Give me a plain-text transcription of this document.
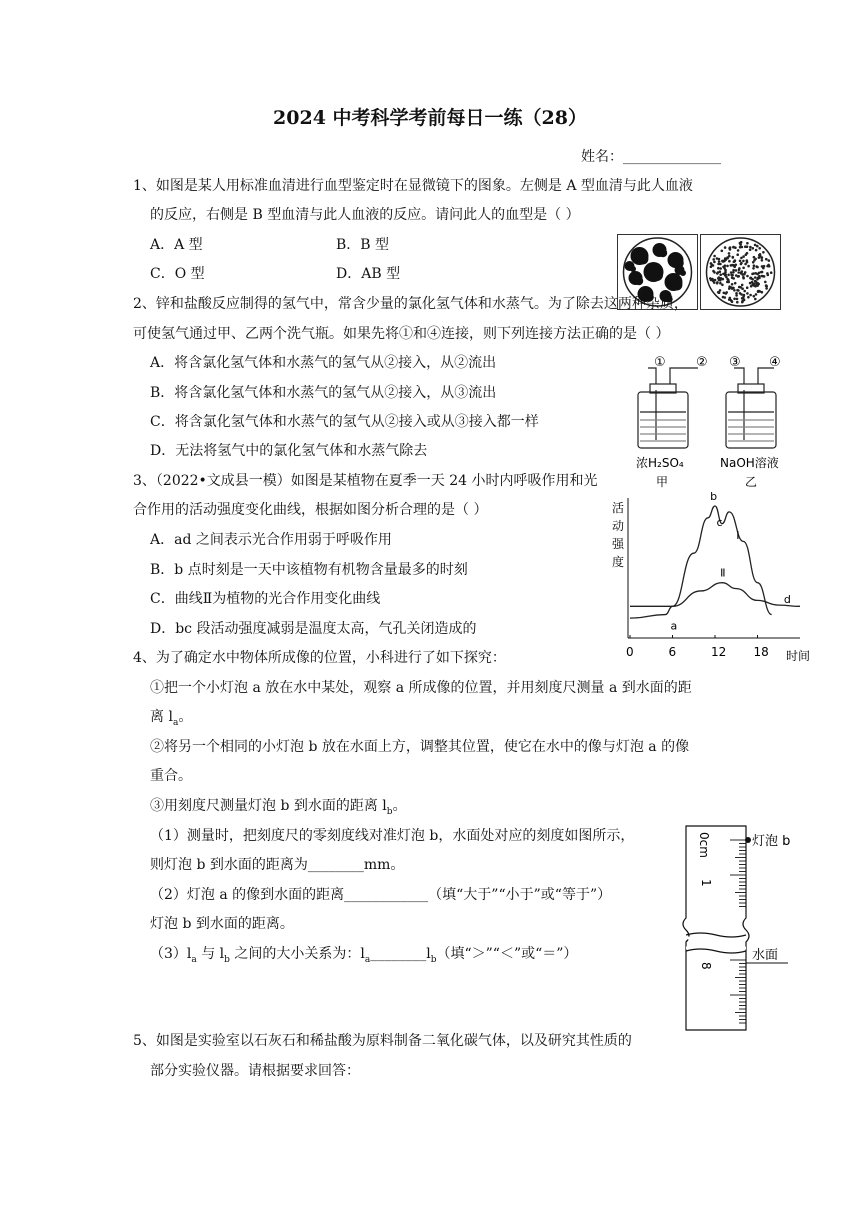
2024 中考科学考前每日一练（28）
姓名：______________
1、如图是某人用标准血清进行血型鉴定时在显微镜下的图象。左侧是 A 型血清与此人血液
的反应，右侧是 B 型血清与此人血液的反应。请问此人的血型是（ ）
A．A 型	B．B 型
C．O 型	D．AB 型
2、锌和盐酸反应制得的氢气中，常含少量的氯化氢气体和水蒸气。为了除去这两种杂质，
可使氢气通过甲、乙两个洗气瓶。如果先将①和④连接，则下列连接方法正确的是（ ）
A．将含氯化氢气体和水蒸气的氢气从②接入，从②流出
B．将含氯化氢气体和水蒸气的氢气从②接入，从③流出
C．将含氯化氢气体和水蒸气的氢气从②接入或从③接入都一样
D．无法将氢气中的氯化氢气体和水蒸气除去
① ② ③ ④
浓H₂SO₄	NaOH溶液
甲	乙
3、（2022•文成县一模）如图是某植物在夏季一天 24 小时内呼吸作用和光
合作用的活动强度变化曲线，根据如图分析合理的是（ ）
A．ad 之间表示光合作用弱于呼吸作用
B．b 点时刻是一天中该植物有机物含量最多的时刻
C．曲线Ⅱ为植物的光合作用变化曲线
D．bc 段活动强度减弱是温度太高，气孔关闭造成的
活
动
强
度
时间
0	6	12 18
Ⅰ
Ⅱ
a
b
c
d
4、为了确定水中物体所成像的位置，小科进行了如下探究：
①把一个小灯泡 a 放在水中某处，观察 a 所成像的位置，并用刻度尺测量 a 到水面的距
离 $l_a$。
②将另一个相同的小灯泡 b 放在水面上方，调整其位置，使它在水中的像与灯泡 a 的像
重合。
③用刻度尺测量灯泡 b 到水面的距离 $l_b$。
（1）测量时，把刻度尺的零刻度线对准灯泡 b，水面处对应的刻度如图所示，
则灯泡 b 到水面的距离为________mm。
（2）灯泡 a 的像到水面的距离____________（填“大于”“小于”或“等于”）
灯泡 b 到水面的距离。
$(3)l_a$ 与 $l_b$ 之间的大小关系为：$l_a\_\_\_\_\_\_\_\_l_b$（填“＞”“＜”或“＝”）
0cm
1
8
灯泡 b
水面
5、如图是实验室以石灰石和稀盐酸为原料制备二氧化碳气体，以及研究其性质的
部分实验仪器。请根据要求回答：
